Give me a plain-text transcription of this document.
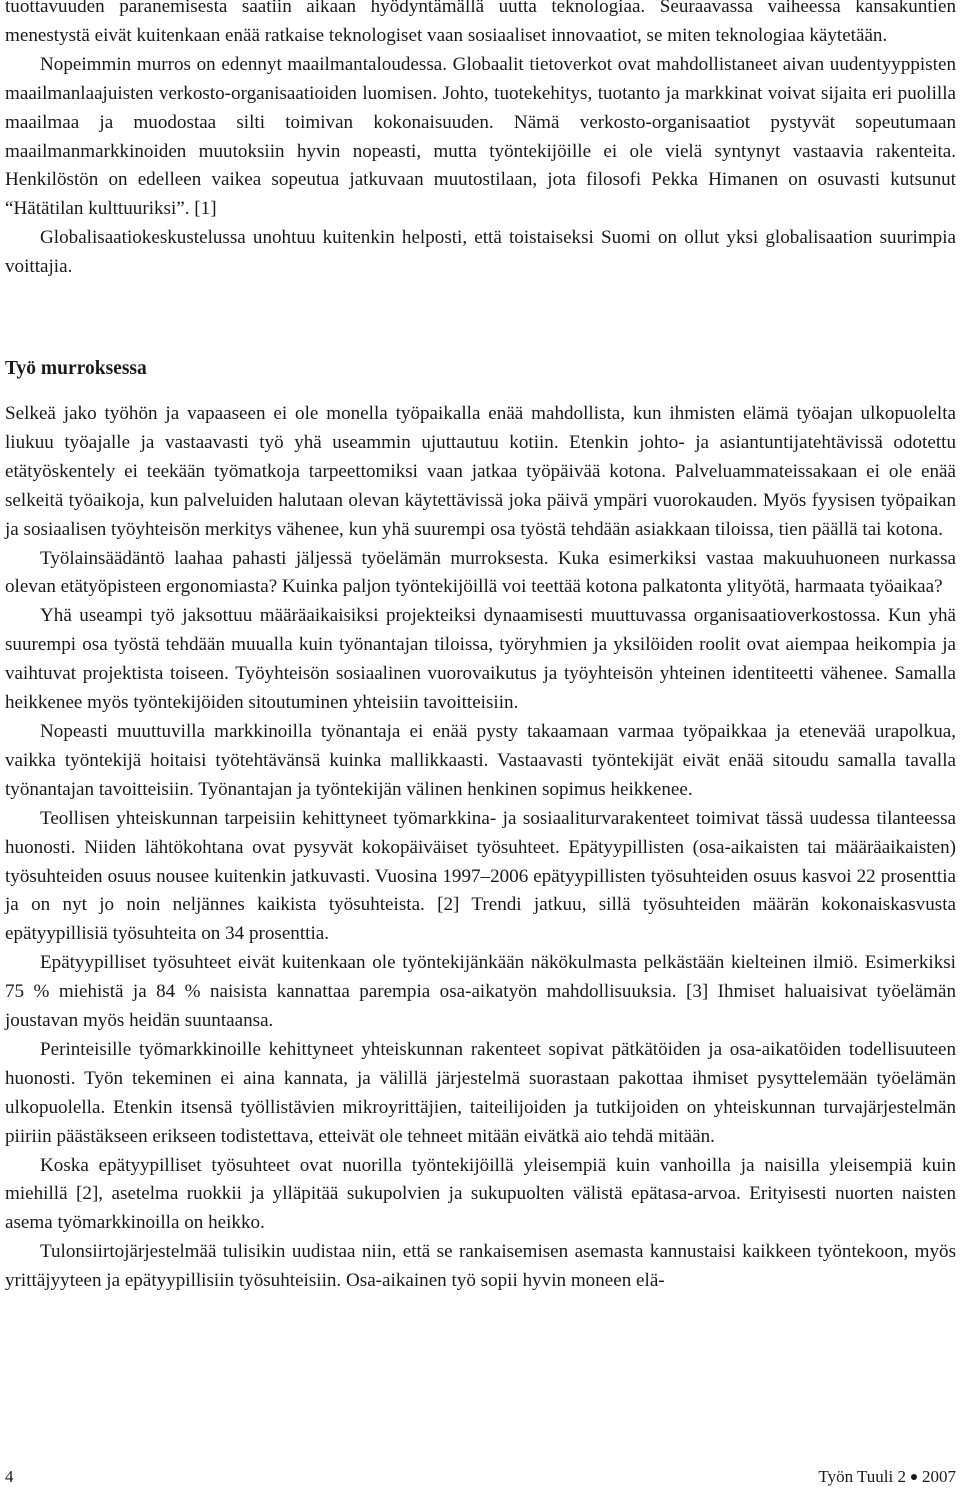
tuottavuuden paranemisesta saatiin aikaan hyödyntämällä uutta teknologiaa. Seuraavassa vaiheessa kansakuntien menestystä eivät kuitenkaan enää ratkaise teknologiset vaan sosiaaliset innovaatiot, se miten teknologiaa käytetään.

Nopeimmin murros on edennyt maailmantaloudessa. Globaalit tietoverkot ovat mahdollistaneet aivan uudentyyppisten maailmanlaajuisten verkosto-organisaatioiden luomisen. Johto, tuotekehitys, tuotanto ja markkinat voivat sijaita eri puolilla maailmaa ja muodostaa silti toimivan kokonaisuuden. Nämä verkosto-organisaatiot pystyvät sopeutumaan maailmanmarkkinoiden muutoksiin hyvin nopeasti, mutta työntekijöille ei ole vielä syntynyt vastaavia rakenteita. Henkilöstön on edelleen vaikea sopeutua jatkuvaan muutostilaan, jota filosofi Pekka Himanen on osuvasti kutsunut “Hätätilan kulttuuriksi”. [1]

Globalisaatiokeskustelussa unohtuu kuitenkin helposti, että toistaiseksi Suomi on ollut yksi globalisaation suurimpia voittajia.

Työ murroksessa

Selkeä jako työhön ja vapaaseen ei ole monella työpaikalla enää mahdollista, kun ihmisten elämä työajan ulkopuolelta liukuu työajalle ja vastaavasti työ yhä useammin ujuttautuu kotiin. Etenkin johto- ja asiantuntijatehtävissä odotettu etätyöskentely ei teekään työmatkoja tarpeettomiksi vaan jatkaa työpäivää kotona. Palveluammateissakaan ei ole enää selkeitä työaikoja, kun palveluiden halutaan olevan käytettävissä joka päivä ympäri vuorokauden. Myös fyysisen työpaikan ja sosiaalisen työyhteisön merkitys vähenee, kun yhä suurempi osa työstä tehdään asiakkaan tiloissa, tien päällä tai kotona.

Työlainsäädäntö laahaa pahasti jäljessä työelämän murroksesta. Kuka esimerkiksi vastaa makuuhuoneen nurkassa olevan etätyöpisteen ergonomiasta? Kuinka paljon työntekijöillä voi teettää kotona palkatonta ylityötä, harmaata työaikaa?

Yhä useampi työ jaksottuu määräaikaisiksi projekteiksi dynaamisesti muuttuvassa organisaatioverkostossa. Kun yhä suurempi osa työstä tehdään muualla kuin työnantajan tiloissa, työryhmien ja yksilöiden roolit ovat aiempaa heikompia ja vaihtuvat projektista toiseen. Työyhteisön sosiaalinen vuorovaikutus ja työyhteisön yhteinen identiteetti vähenee. Samalla heikkenee myös työntekijöiden sitoutuminen yhteisiin tavoitteisiin.

Nopeasti muuttuvilla markkinoilla työnantaja ei enää pysty takaamaan varmaa työpaikkaa ja etenevää urapolkua, vaikka työntekijä hoitaisi työtehtävänsä kuinka mallikkaasti. Vastaavasti työntekijät eivät enää sitoudu samalla tavalla työnantajan tavoitteisiin. Työnantajan ja työntekijän välinen henkinen sopimus heikkenee.

Teollisen yhteiskunnan tarpeisiin kehittyneet työmarkkina- ja sosiaaliturvarakenteet toimivat tässä uudessa tilanteessa huonosti. Niiden lähtökohtana ovat pysyvät kokopäiväiset työsuhteet. Epätyypillisten (osa-aikaisten tai määräaikaisten) työsuhteiden osuus nousee kuitenkin jatkuvasti. Vuosina 1997–2006 epätyypillisten työsuhteiden osuus kasvoi 22 prosenttia ja on nyt jo noin neljännes kaikista työsuhteista. [2] Trendi jatkuu, sillä työsuhteiden määrän kokonaiskasvusta epätyypillisiä työsuhteita on 34 prosenttia.

Epätyypilliset työsuhteet eivät kuitenkaan ole työntekijänkään näkökulmasta pelkästään kielteinen ilmiö. Esimerkiksi 75 % miehistä ja 84 % naisista kannattaa parempia osa-aikatyön mahdollisuuksia. [3] Ihmiset haluaisivat työelämän joustavan myös heidän suuntaansa.

Perinteisille työmarkkinoille kehittyneet yhteiskunnan rakenteet sopivat pätkätöiden ja osa-aikatöiden todellisuuteen huonosti. Työn tekeminen ei aina kannata, ja välillä järjestelmä suorastaan pakottaa ihmiset pysyttelemään työelämän ulkopuolella. Etenkin itsensä työllistävien mikroyrittäjien, taiteilijoiden ja tutkijoiden on yhteiskunnan turvajärjestelmän piiriin päästäkseen erikseen todistettava, etteivät ole tehneet mitään eivätkä aio tehdä mitään.

Koska epätyypilliset työsuhteet ovat nuorilla työntekijöillä yleisempiä kuin vanhoilla ja naisilla yleisempiä kuin miehillä [2], asetelma ruokkii ja ylläpitää sukupolvien ja sukupuolten välistä epätasa-arvoa. Erityisesti nuorten naisten asema työmarkkinoilla on heikko.

Tulonsiirtojärjestelmää tulisikin uudistaa niin, että se rankaisemisen asemasta kannustaisi kaikkeen työntekoon, myös yrittäjyyteen ja epätyypillisiin työsuhteisiin. Osa-aikainen työ sopii hyvin moneen elä-

4	Työn Tuuli 2 2007
